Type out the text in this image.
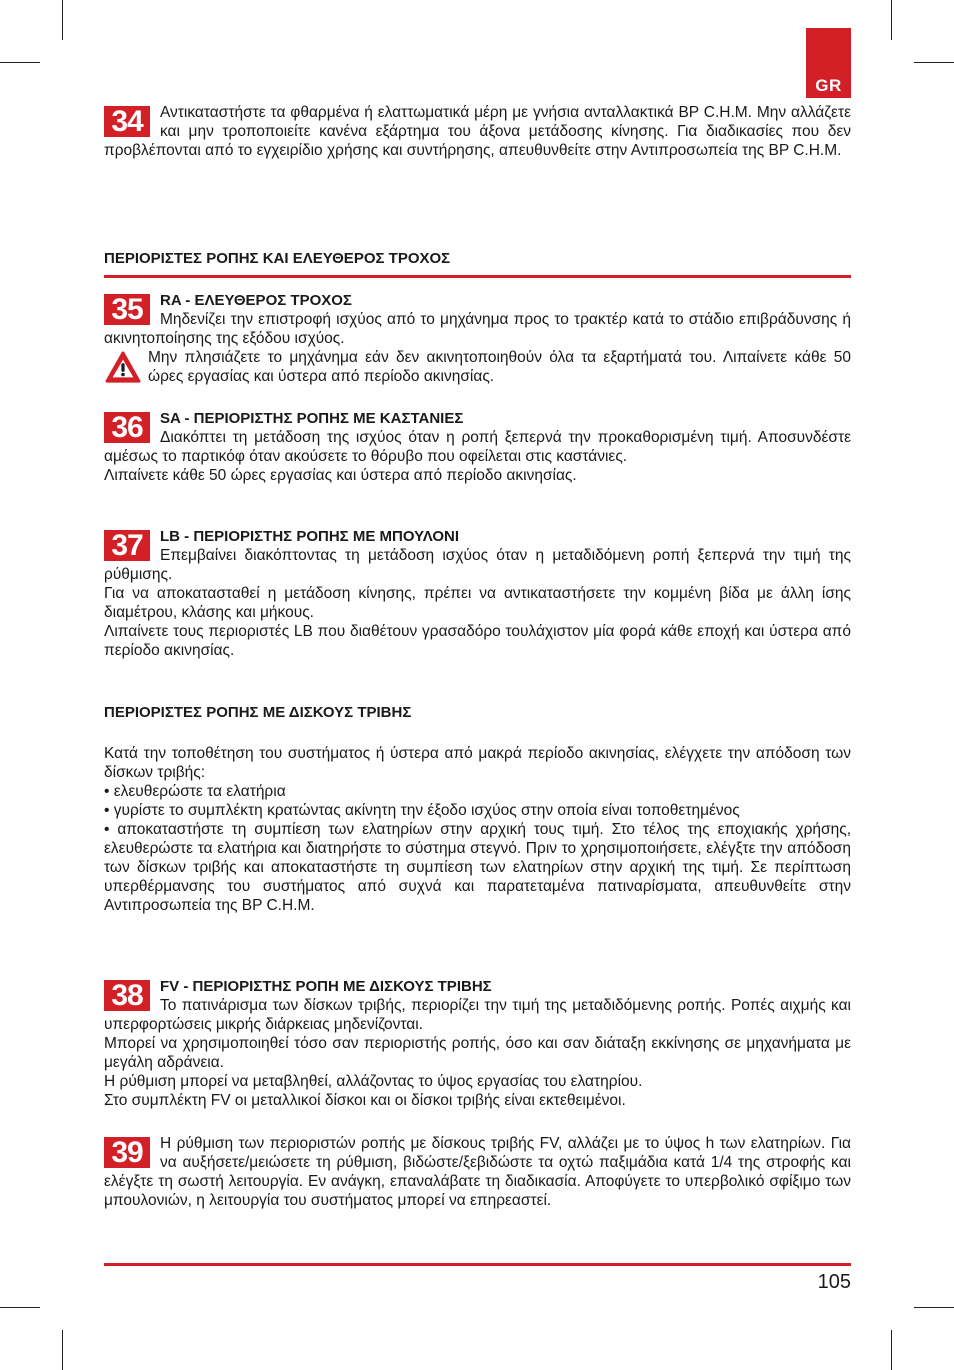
GR
34	Αντικαταστήστε τα φθαρμένα ή ελαττωματικά μέρη με γνήσια ανταλλακτικά BP C.H.M. Μην αλλάζετε και μην τροποποιείτε κανένα εξάρτημα του άξονα μετάδοσης κίνησης. Για διαδικασίες που δεν προβλέπονται από το εγχειρίδιο χρήσης και συντήρησης, απευθυνθείτε στην Αντιπροσωπεία της BP C.H.M.

ΠΕΡΙΟΡΙΣΤΕΣ ΡΟΠΗΣ ΚΑΙ ΕΛΕΥΘΕΡΟΣ ΤΡΟΧΟΣ
35	RA - ΕΛΕΥΘΕΡΟΣ ΤΡΟΧΟΣ

Μηδενίζει την επιστροφή ισχύος από το μηχάνημα προς το τρακτέρ κατά το στάδιο επιβράδυνσης ή ακινητοποίησης της εξόδου ισχύος.

Μην πλησιάζετε το μηχάνημα εάν δεν ακινητοποιηθούν όλα τα εξαρτήματά του. Λιπαίνετε κάθε 50 ώρες εργασίας και ύστερα από περίοδο ακινησίας.

36	SA - ΠΕΡΙΟΡΙΣΤΗΣ ΡΟΠΗΣ ΜΕ ΚΑΣΤΑΝΙΕΣ

Διακόπτει τη μετάδοση της ισχύος όταν η ροπή ξεπερνά την προκαθορισμένη τιμή. Αποσυνδέστε αμέσως το παρτικόφ όταν ακούσετε το θόρυβο που οφείλεται στις καστάνιες.

Λιπαίνετε κάθε 50 ώρες εργασίας και ύστερα από περίοδο ακινησίας.

37	LB - ΠΕΡΙΟΡΙΣΤΗΣ ΡΟΠΗΣ ΜΕ ΜΠΟΥΛΟΝΙ

Επεμβαίνει διακόπτοντας τη μετάδοση ισχύος όταν η μεταδιδόμενη ροπή ξεπερνά την τιμή της ρύθμισης.

Για να αποκατασταθεί η μετάδοση κίνησης, πρέπει να αντικαταστήσετε την κομμένη βίδα με άλλη ίσης διαμέτρου, κλάσης και μήκους.

Λιπαίνετε τους περιοριστές LB που διαθέτουν γρασαδόρο τουλάχιστον μία φορά κάθε εποχή και ύστερα από περίοδο ακινησίας.

ΠΕΡΙΟΡΙΣΤΕΣ ΡΟΠΗΣ ΜΕ ΔΙΣΚΟΥΣ ΤΡΙΒΗΣ

Κατά την τοποθέτηση του συστήματος ή ύστερα από μακρά περίοδο ακινησίας, ελέγχετε την απόδοση των δίσκων τριβής:

• ελευθερώστε τα ελατήρια

• γυρίστε το συμπλέκτη κρατώντας ακίνητη την έξοδο ισχύος στην οποία είναι τοποθετημένος

• αποκαταστήστε τη συμπίεση των ελατηρίων στην αρχική τους τιμή. Στο τέλος της εποχιακής χρήσης, ελευθερώστε τα ελατήρια και διατηρήστε το σύστημα στεγνό. Πριν το χρησιμοποιήσετε, ελέγξτε την απόδοση των δίσκων τριβής και αποκαταστήστε τη συμπίεση των ελατηρίων στην αρχική της τιμή. Σε περίπτωση υπερθέρμανσης του συστήματος από συχνά και παρατεταμένα πατιναρίσματα, απευθυνθείτε στην Αντιπροσωπεία της BP C.H.M.

38	FV - ΠΕΡΙΟΡΙΣΤΗΣ ΡΟΠΗ ΜΕ ΔΙΣΚΟΥΣ ΤΡΙΒΗΣ

Το πατινάρισμα των δίσκων τριβής, περιορίζει την τιμή της μεταδιδόμενης ροπής. Ροπές αιχμής και υπερφορτώσεις μικρής διάρκειας μηδενίζονται.

Μπορεί να χρησιμοποιηθεί τόσο σαν περιοριστής ροπής, όσο και σαν διάταξη εκκίνησης σε μηχανήματα με μεγάλη αδράνεια.

Η ρύθμιση μπορεί να μεταβληθεί, αλλάζοντας το ύψος εργασίας του ελατηρίου.

Στο συμπλέκτη FV οι μεταλλικοί δίσκοι και οι δίσκοι τριβής είναι εκτεθειμένοι.

39	Η ρύθμιση των περιοριστών ροπής με δίσκους τριβής FV, αλλάζει με το ύψος h των ελατηρίων. Για να αυξήσετε/μειώσετε τη ρύθμιση, βιδώστε/ξεβιδώστε τα οχτώ παξιμάδια κατά 1/4 της στροφής και ελέγξτε τη σωστή λειτουργία. Εν ανάγκη, επαναλάβατε τη διαδικασία. Αποφύγετε το υπερβολικό σφίξιμο των μπουλονιών, η λειτουργία του συστήματος μπορεί να επηρεαστεί.

105
